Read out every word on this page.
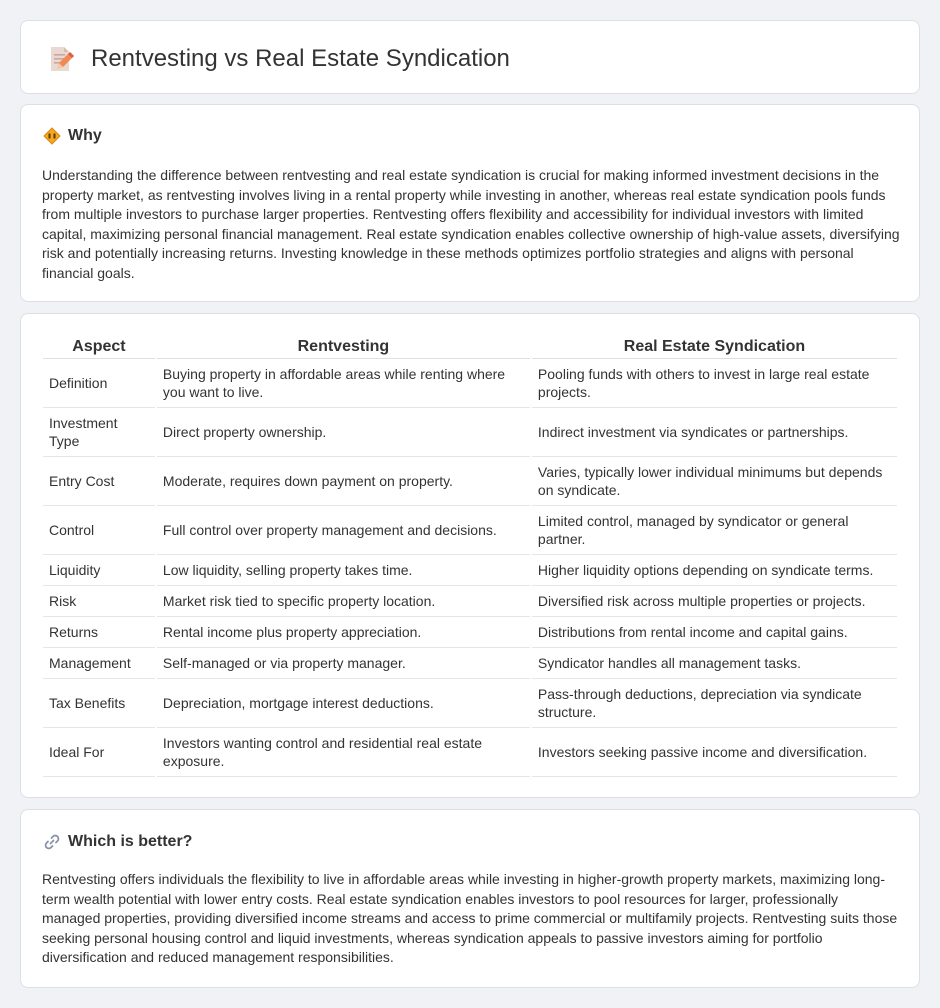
Rentvesting vs Real Estate Syndication
Why

Understanding the difference between rentvesting and real estate syndication is crucial for making informed investment decisions in the property market, as rentvesting involves living in a rental property while investing in another, whereas real estate syndication pools funds from multiple investors to purchase larger properties. Rentvesting offers flexibility and accessibility for individual investors with limited capital, maximizing personal financial management. Real estate syndication enables collective ownership of high-value assets, diversifying risk and potentially increasing returns. Investing knowledge in these methods optimizes portfolio strategies and aligns with personal financial goals.

Aspect	Rentvesting	Real Estate Syndication
Definition	Buying property in affordable areas while renting where you want to live.	Pooling funds with others to invest in large real estate projects.
Investment Type	Direct property ownership.	Indirect investment via syndicates or partnerships.
Entry Cost	Moderate, requires down payment on property.	Varies, typically lower individual minimums but depends on syndicate.
Control	Full control over property management and decisions.	Limited control, managed by syndicator or general partner.
Liquidity	Low liquidity, selling property takes time.	Higher liquidity options depending on syndicate terms.
Risk	Market risk tied to specific property location.	Diversified risk across multiple properties or projects.
Returns	Rental income plus property appreciation.	Distributions from rental income and capital gains.
Management	Self-managed or via property manager.	Syndicator handles all management tasks.
Tax Benefits	Depreciation, mortgage interest deductions.	Pass-through deductions, depreciation via syndicate structure.
Ideal For	Investors wanting control and residential real estate exposure.	Investors seeking passive income and diversification.
Which is better?

Rentvesting offers individuals the flexibility to live in affordable areas while investing in higher-growth property markets, maximizing long-term wealth potential with lower entry costs. Real estate syndication enables investors to pool resources for larger, professionally managed properties, providing diversified income streams and access to prime commercial or multifamily projects. Rentvesting suits those seeking personal housing control and liquid investments, whereas syndication appeals to passive investors aiming for portfolio diversification and reduced management responsibilities.
